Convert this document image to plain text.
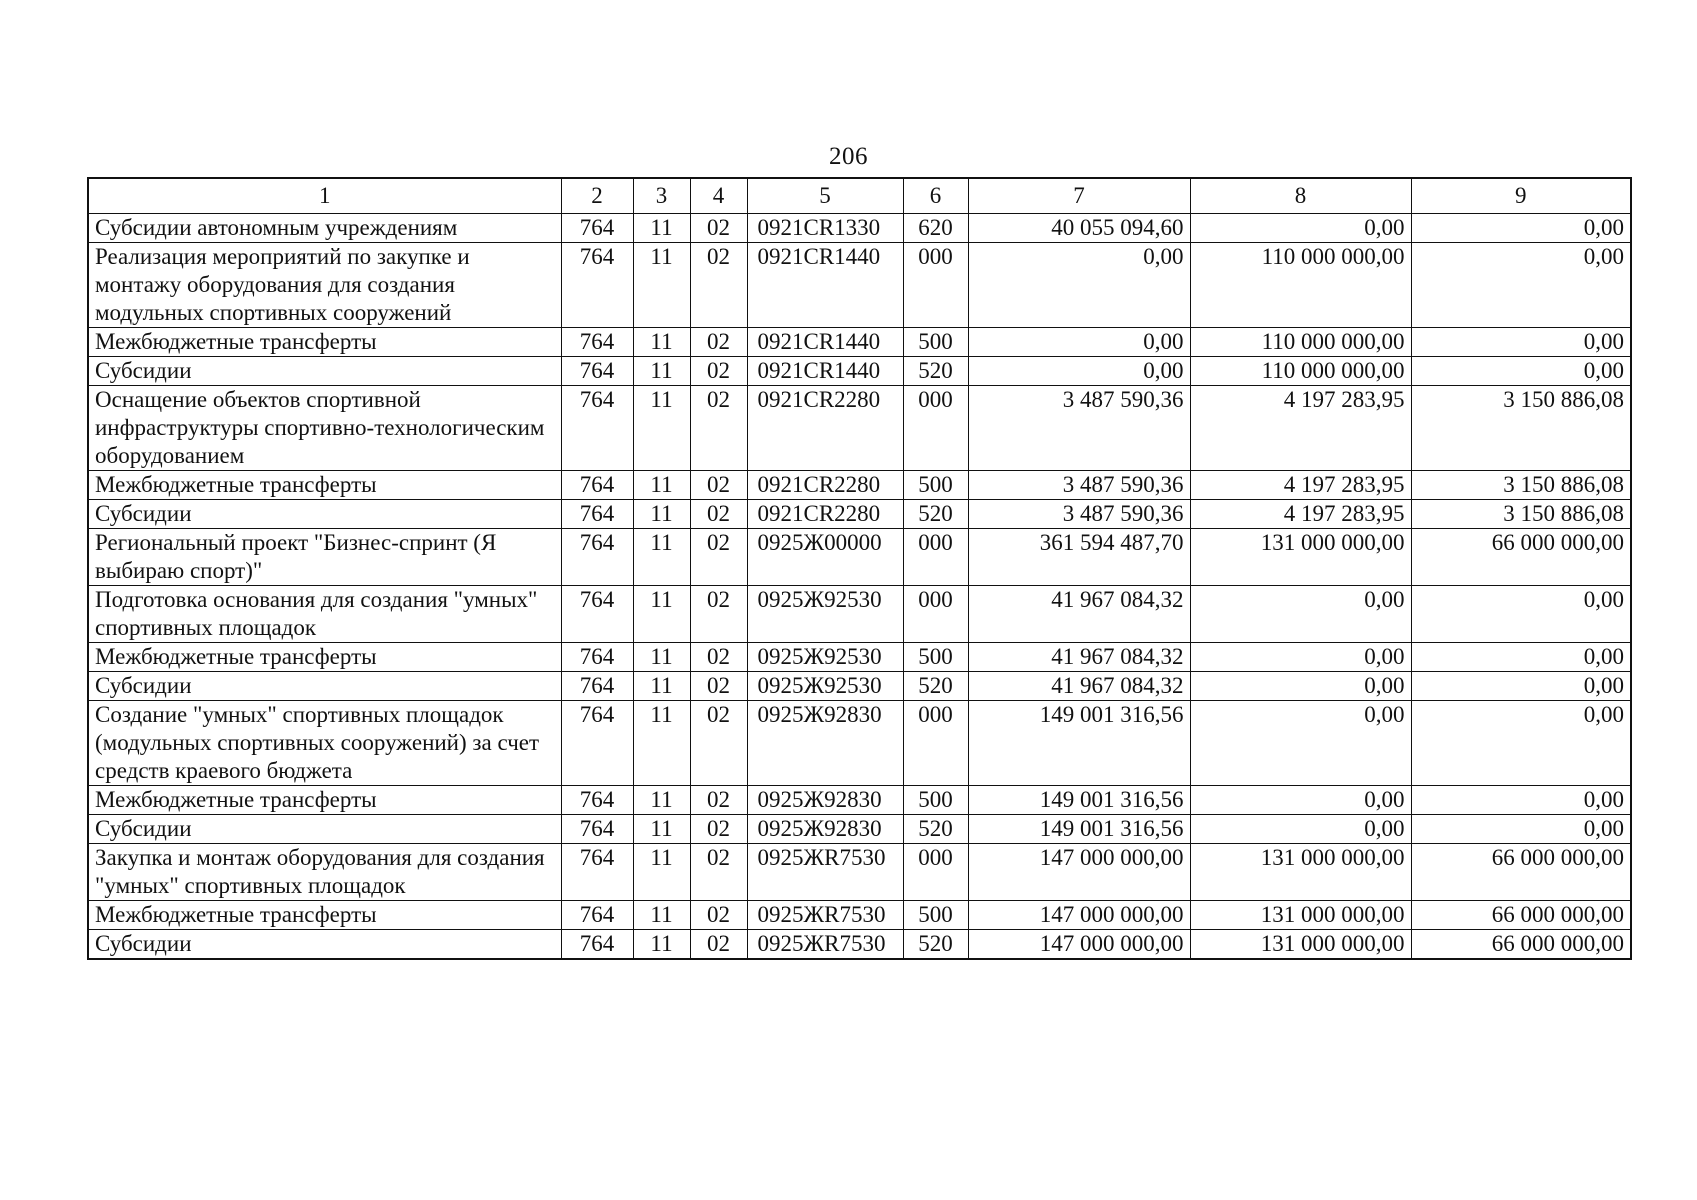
206
1	2	3	4	5	6	7	8	9
Субсидии автономным учреждениям	764	11	02	0921CR1330	620	40 055 094,60	0,00	0,00
Реализация мероприятий по закупке и монтажу оборудования для создания модульных спортивных сооружений	764	11	02	0921CR1440	000	0,00	110 000 000,00	0,00
Межбюджетные трансферты	764	11	02	0921CR1440	500	0,00	110 000 000,00	0,00
Субсидии	764	11	02	0921CR1440	520	0,00	110 000 000,00	0,00
Оснащение объектов спортивной инфраструктуры спортивно-технологическим оборудованием	764	11	02	0921CR2280	000	3 487 590,36	4 197 283,95	3 150 886,08
Межбюджетные трансферты	764	11	02	0921CR2280	500	3 487 590,36	4 197 283,95	3 150 886,08
Субсидии	764	11	02	0921CR2280	520	3 487 590,36	4 197 283,95	3 150 886,08
Региональный проект "Бизнес-спринт (Я выбираю спорт)"	764	11	02	0925Ж00000	000	361 594 487,70	131 000 000,00	66 000 000,00
Подготовка основания для создания "умных" спортивных площадок	764	11	02	0925Ж92530	000	41 967 084,32	0,00	0,00
Межбюджетные трансферты	764	11	02	0925Ж92530	500	41 967 084,32	0,00	0,00
Субсидии	764	11	02	0925Ж92530	520	41 967 084,32	0,00	0,00
Создание "умных" спортивных площадок (модульных спортивных сооружений) за счет средств краевого бюджета	764	11	02	0925Ж92830	000	149 001 316,56	0,00	0,00
Межбюджетные трансферты	764	11	02	0925Ж92830	500	149 001 316,56	0,00	0,00
Субсидии	764	11	02	0925Ж92830	520	149 001 316,56	0,00	0,00
Закупка и монтаж оборудования для создания "умных" спортивных площадок	764	11	02	0925ЖR7530	000	147 000 000,00	131 000 000,00	66 000 000,00
Межбюджетные трансферты	764	11	02	0925ЖR7530	500	147 000 000,00	131 000 000,00	66 000 000,00
Субсидии	764	11	02	0925ЖR7530	520	147 000 000,00	131 000 000,00	66 000 000,00
